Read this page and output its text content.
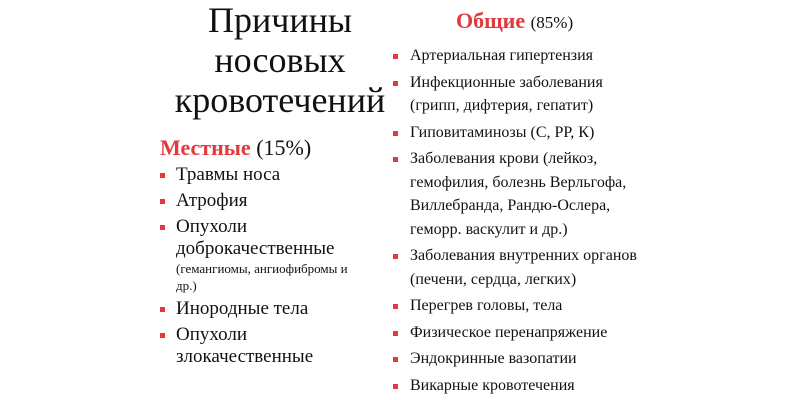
Причины
носовых
кровотечений
Местные (15%)
Травмы носа
Атрофия
Опухоли
доброкачественные
(гемангиомы, ангиофибромы и
др.)
Инородные тела
Опухоли
злокачественные
Общие (85%)
Артериальная гипертензия
Инфекционные заболевания
(грипп, дифтерия, гепатит)
Гиповитаминозы (С, РР, К)
Заболевания крови (лейкоз,
гемофилия, болезнь Верльгофа,
Виллебранда, Рандю-Ослера,
геморр. васкулит и др.)
Заболевания внутренних органов
(печени, сердца, легких)
Перегрев головы, тела
Физическое перенапряжение
Эндокринные вазопатии
Викарные кровотечения
